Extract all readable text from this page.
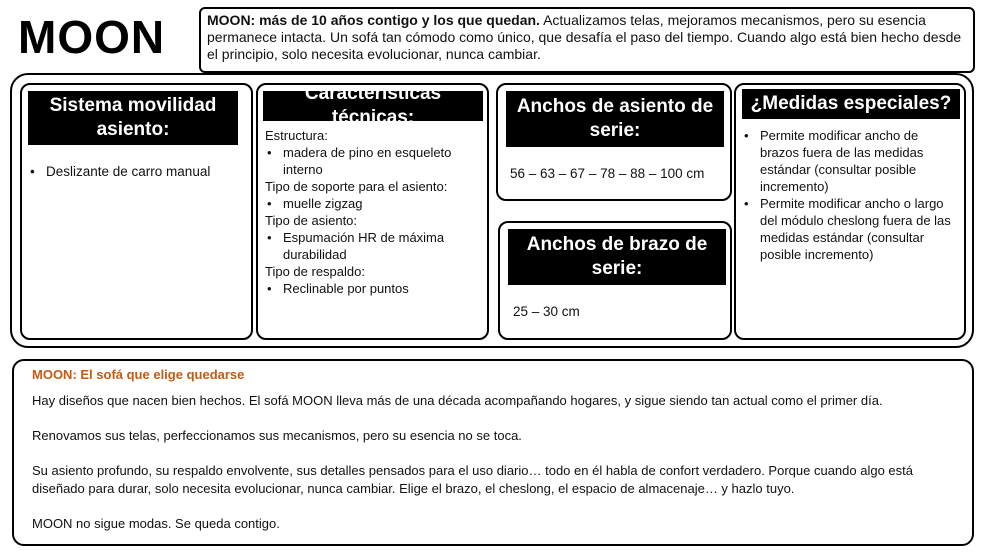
MOON	MOON: más de 10 años contigo y los que quedan. Actualizamos telas, mejoramos mecanismos, pero su esencia permanece intacta. Un sofá tan cómodo como único, que desafía el paso del tiempo. Cuando algo está bien hecho desde el principio, solo necesita evolucionar, nunca cambiar.
Sistema movilidad asiento:
• Deslizante de carro manual
Características técnicas:
Estructura:
• madera de pino en esqueleto interno
Tipo de soporte para el asiento:
• muelle zigzag
Tipo de asiento:
• Espumación HR de máxima durabilidad
Tipo de respaldo:
• Reclinable por puntos
Anchos de asiento de serie:
56 – 63 – 67 – 78 – 88 – 100 cm
Anchos de brazo de serie:
25 – 30 cm
¿Medidas especiales?
• Permite modificar ancho de brazos fuera de las medidas estándar (consultar posible incremento)
• Permite modificar ancho o largo del módulo cheslong fuera de las medidas estándar (consultar posible incremento)
MOON: El sofá que elige quedarse

Hay diseños que nacen bien hechos. El sofá MOON lleva más de una década acompañando hogares, y sigue siendo tan actual como el primer día.

Renovamos sus telas, perfeccionamos sus mecanismos, pero su esencia no se toca.

Su asiento profundo, su respaldo envolvente, sus detalles pensados para el uso diario… todo en él habla de confort verdadero. Porque cuando algo está diseñado para durar, solo necesita evolucionar, nunca cambiar. Elige el brazo, el cheslong, el espacio de almacenaje… y hazlo tuyo.

MOON no sigue modas. Se queda contigo.
